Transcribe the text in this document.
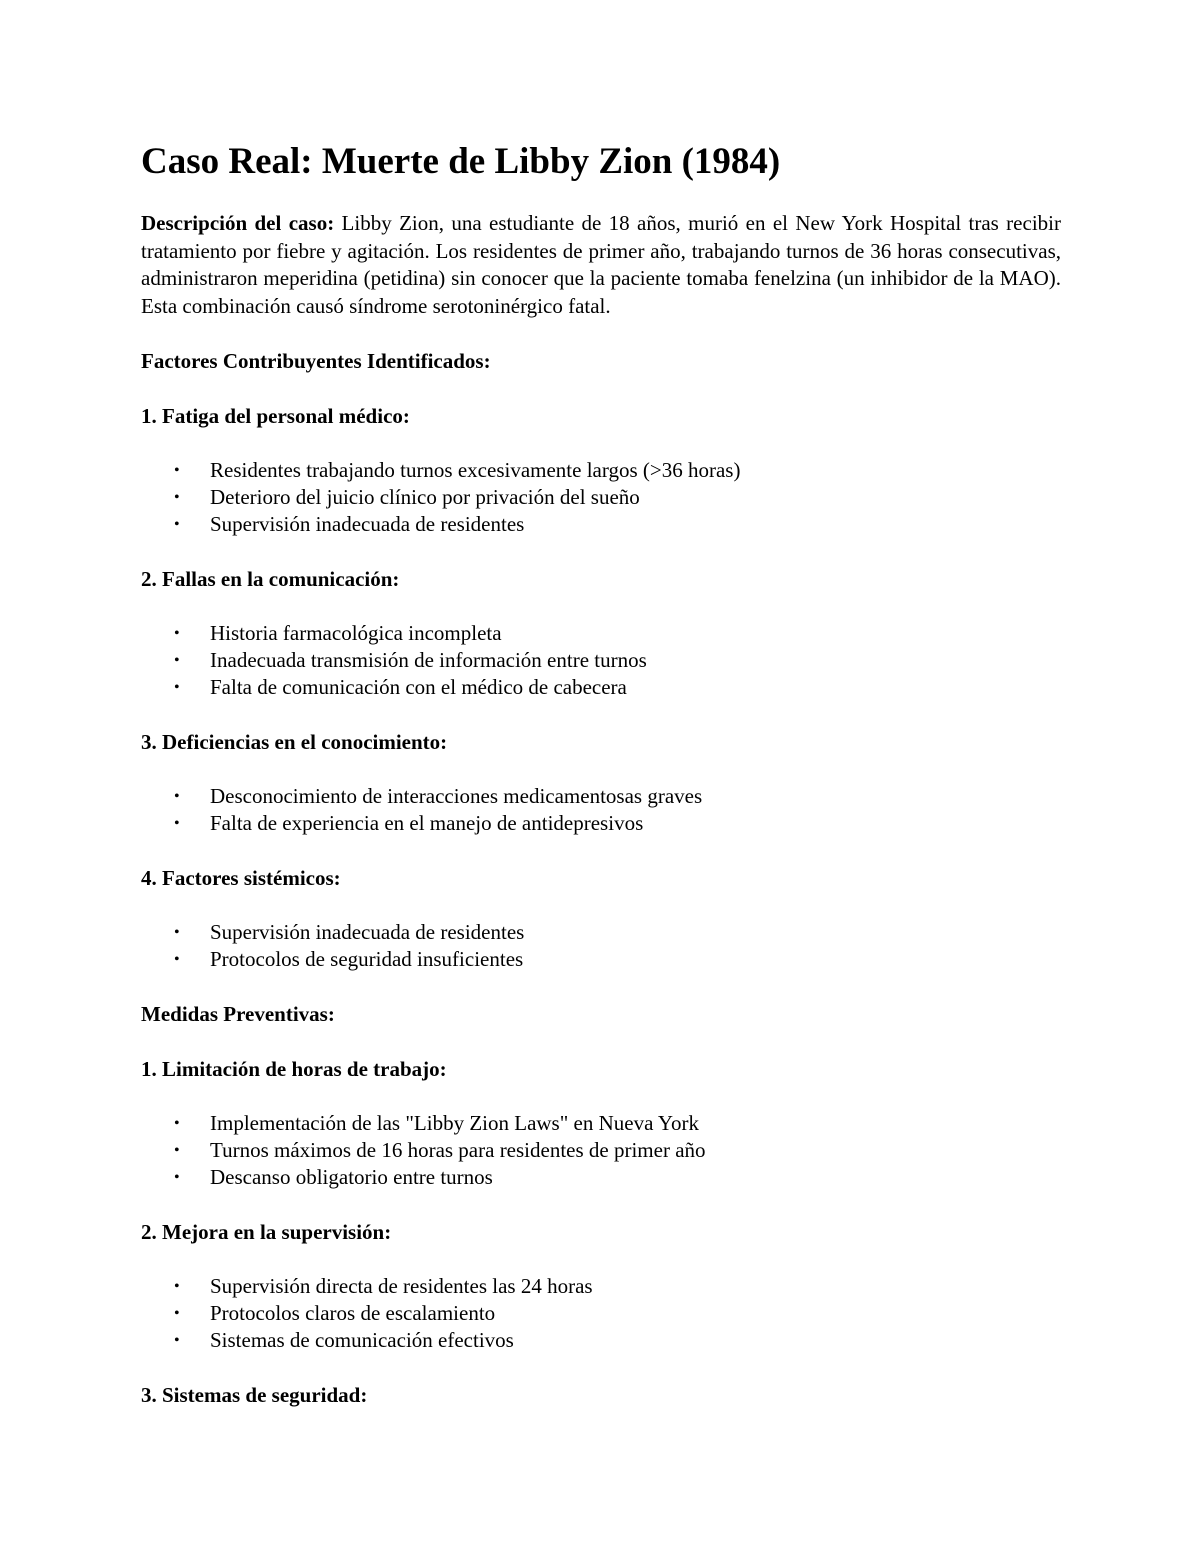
Caso Real: Muerte de Libby Zion (1984)

Descripción del caso: Libby Zion, una estudiante de 18 años, murió en el New York Hospital tras recibir tratamiento por fiebre y agitación. Los residentes de primer año, trabajando turnos de 36 horas consecutivas, administraron meperidina (petidina) sin conocer que la paciente tomaba fenelzina (un inhibidor de la MAO). Esta combinación causó síndrome serotoninérgico fatal.

Factores Contribuyentes Identificados:

1. Fatiga del personal médico:

• Residentes trabajando turnos excesivamente largos (>36 horas)
• Deterioro del juicio clínico por privación del sueño
• Supervisión inadecuada de residentes

2. Fallas en la comunicación:

• Historia farmacológica incompleta
• Inadecuada transmisión de información entre turnos
• Falta de comunicación con el médico de cabecera

3. Deficiencias en el conocimiento:

• Desconocimiento de interacciones medicamentosas graves
• Falta de experiencia en el manejo de antidepresivos

4. Factores sistémicos:

• Supervisión inadecuada de residentes
• Protocolos de seguridad insuficientes

Medidas Preventivas:

1. Limitación de horas de trabajo:

• Implementación de las "Libby Zion Laws" en Nueva York
• Turnos máximos de 16 horas para residentes de primer año
• Descanso obligatorio entre turnos

2. Mejora en la supervisión:

• Supervisión directa de residentes las 24 horas
• Protocolos claros de escalamiento
• Sistemas de comunicación efectivos

3. Sistemas de seguridad:
